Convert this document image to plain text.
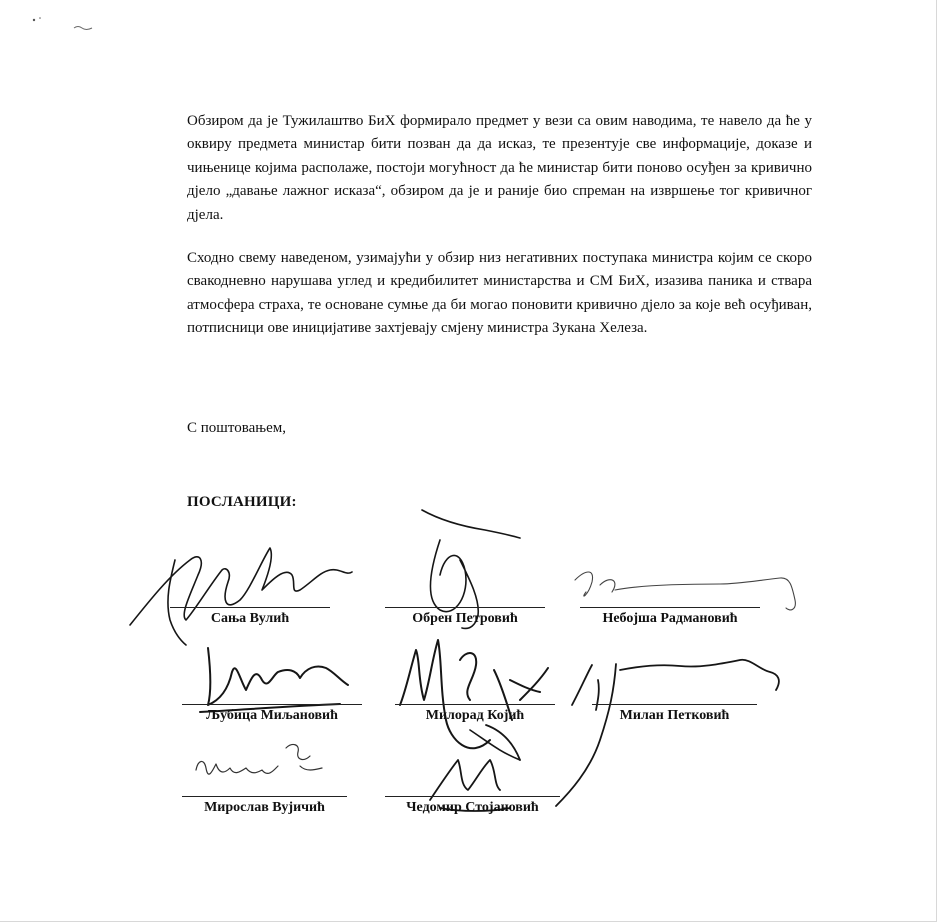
Обзиром да је Тужилаштво БиХ формирало предмет у вези са овим наводима, те навело да ће у оквиру предмета министар бити позван да да исказ, те презентује све информације, доказе и чињенице којима располаже, постоји могућност да ће министар бити поново осуђен за кривично дјело „давање лажног исказа“, обзиром да је и раније био спреман на извршење тог кривичног дјела.

Сходно свему наведеном, узимајући у обзир низ негативних поступака министра којим се скоро свакодневно нарушава углед и кредибилитет министарства и СМ БиХ, изазива паника и ствара атмосфера страха, те основане сумње да би могао поновити кривично дјело за које већ осуђиван, потписници ове иницијативе захтјевају смјену министра Зукана Хелеза.

С поштовањем,

ПОСЛАНИЦИ:

Сања Вулић	Обрен Петровић	Небојша Радмановић
Љубица Миљановић	Милорад Којић	Милан Петковић
Мирослав Вујичић	Чедомир Стојановић
